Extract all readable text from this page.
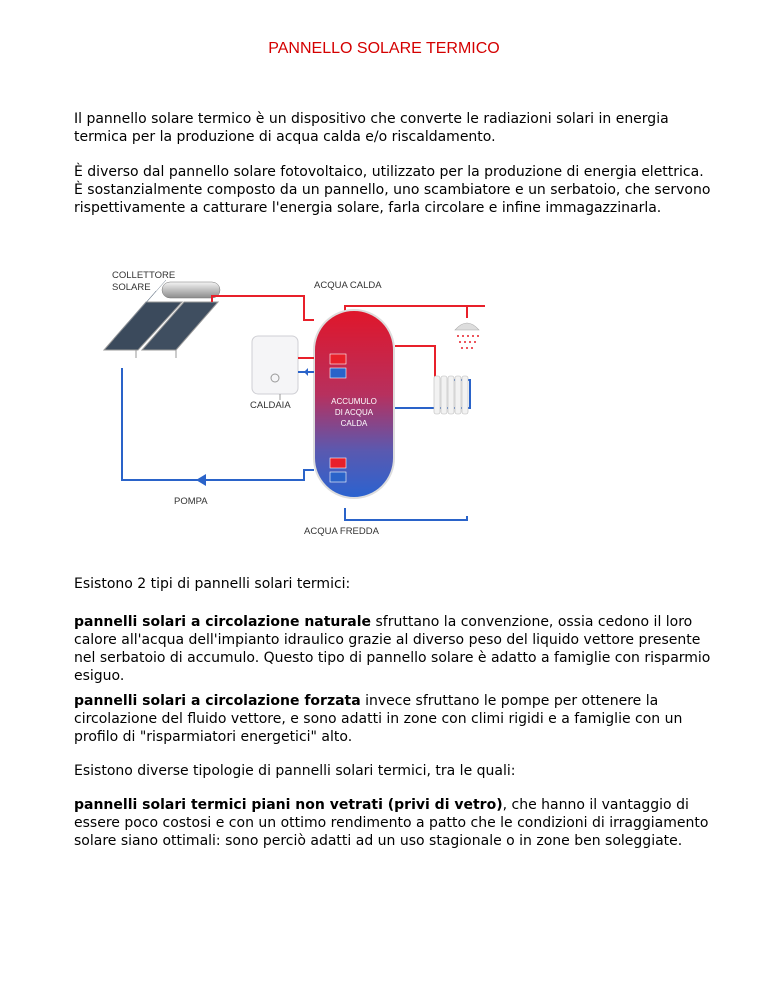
PANNELLO SOLARE TERMICO

Il pannello solare termico è un dispositivo che converte le radiazioni solari in energia termica per la produzione di acqua calda e/o riscaldamento.

È diverso dal pannello solare fotovoltaico, utilizzato per la produzione di energia elettrica. È sostanzialmente composto da un pannello, uno scambiatore e un serbatoio, che servono rispettivamente a catturare l'energia solare, farla circolare e infine immagazzinarla.

COLLETTORE
SOLARE
POMPA
ACCUMULO
DI ACQUA
CALDA
CALDAIA
ACQUA CALDA
ACQUA FREDDA

Esistono 2 tipi di pannelli solari termici:

pannelli solari a circolazione naturale sfruttano la convenzione, ossia cedono il loro calore all'acqua dell'impianto idraulico grazie al diverso peso del liquido vettore presente nel serbatoio di accumulo. Questo tipo di pannello solare è adatto a famiglie con risparmio esiguo.

pannelli solari a circolazione forzata invece sfruttano le pompe per ottenere la circolazione del fluido vettore, e sono adatti in zone con climi rigidi e a famiglie con un profilo di "risparmiatori energetici" alto.

Esistono diverse tipologie di pannelli solari termici, tra le quali:

pannelli solari termici piani non vetrati (privi di vetro), che hanno il vantaggio di essere poco costosi e con un ottimo rendimento a patto che le condizioni di irraggiamento solare siano ottimali: sono perciò adatti ad un uso stagionale o in zone ben soleggiate.
